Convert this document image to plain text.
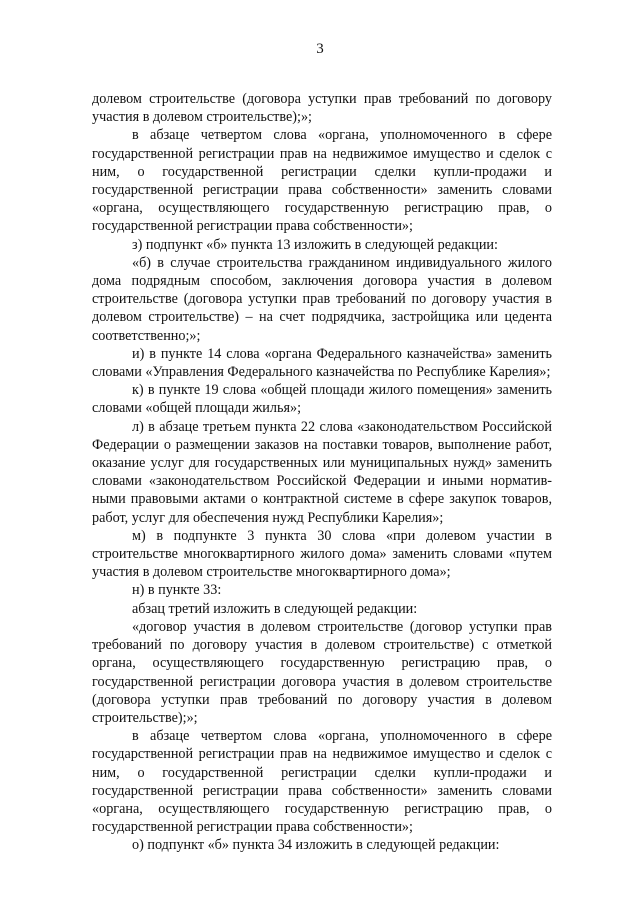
3

долевом строительстве (договора уступки прав требований по договору
участия в долевом строительстве);»;

в абзаце четвертом слова «органа, уполномоченного в сфере
государственной регистрации прав на недвижимое имущество и сделок с
ним, о государственной регистрации сделки купли-продажи и
государственной регистрации права собственности» заменить словами
«органа, осуществляющего государственную регистрацию прав, о
государственной регистрации права собственности»;

з) подпункт «б» пункта 13 изложить в следующей редакции:

«б) в случае строительства гражданином индивидуального жилого
дома подрядным способом, заключения договора участия в долевом
строительстве (договора уступки прав требований по договору участия в
долевом строительстве) – на счет подрядчика, застройщика или цедента
соответственно;»;

и) в пункте 14 слова «органа Федерального казначейства» заменить
словами «Управления Федерального казначейства по Республике Карелия»;

к) в пункте 19 слова «общей площади жилого помещения» заменить
словами «общей площади жилья»;

л) в абзаце третьем пункта 22 слова «законодательством Российской
Федерации о размещении заказов на поставки товаров, выполнение работ,
оказание услуг для государственных или муниципальных нужд» заменить
словами «законодательством Российской Федерации и иными норматив-
ными правовыми актами о контрактной системе в сфере закупок товаров,
работ, услуг для обеспечения нужд Республики Карелия»;

м) в подпункте 3 пункта 30 слова «при долевом участии в
строительстве многоквартирного жилого дома» заменить словами «путем
участия в долевом строительстве многоквартирного дома»;

н) в пункте 33:

абзац третий изложить в следующей редакции:

«договор участия в долевом строительстве (договор уступки прав
требований по договору участия в долевом строительстве) с отметкой
органа, осуществляющего государственную регистрацию прав, о
государственной регистрации договора участия в долевом строительстве
(договора уступки прав требований по договору участия в долевом
строительстве);»;

в абзаце четвертом слова «органа, уполномоченного в сфере
государственной регистрации прав на недвижимое имущество и сделок с
ним, о государственной регистрации сделки купли-продажи и
государственной регистрации права собственности» заменить словами
«органа, осуществляющего государственную регистрацию прав, о
государственной регистрации права собственности»;

о) подпункт «б» пункта 34 изложить в следующей редакции:
